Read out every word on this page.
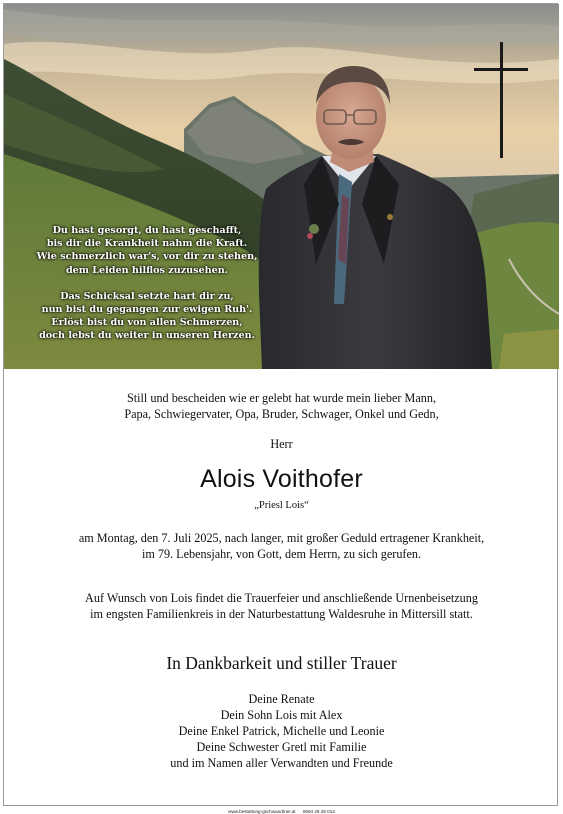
Du hast gesorgt, du hast geschafft,
bis dir die Krankheit nahm die Kraft.
Wie schmerzlich war's, vor dir zu stehen,
dem Leiden hilflos zuzusehen.
Das Schicksal setzte hart dir zu,
nun bist du gegangen zur ewigen Ruh'.
Erlöst bist du von allen Schmerzen,
doch lebst du weiter in unseren Herzen.
Still und bescheiden wie er gelebt hat wurde mein lieber Mann,
Papa, Schwiegervater, Opa, Bruder, Schwager, Onkel und Gedn,
Herr
Alois Voithofer
„Priesl Lois“
am Montag, den 7. Juli 2025, nach langer, mit großer Geduld ertragener Krankheit,
im 79. Lebensjahr, von Gott, dem Herrn, zu sich gerufen.
Auf Wunsch von Lois findet die Trauerfeier und anschließende Urnenbeisetzung
im engsten Familienkreis in der Naturbestattung Waldesruhe in Mittersill statt.
In Dankbarkeit und stiller Trauer
Deine Renate
Dein Sohn Lois mit Alex
Deine Enkel Patrick, Michelle und Leonie
Deine Schwester Gretl mit Familie
und im Namen aller Verwandten und Freunde
www.bestattung-gschwandtner.at 0664 28 28 013
